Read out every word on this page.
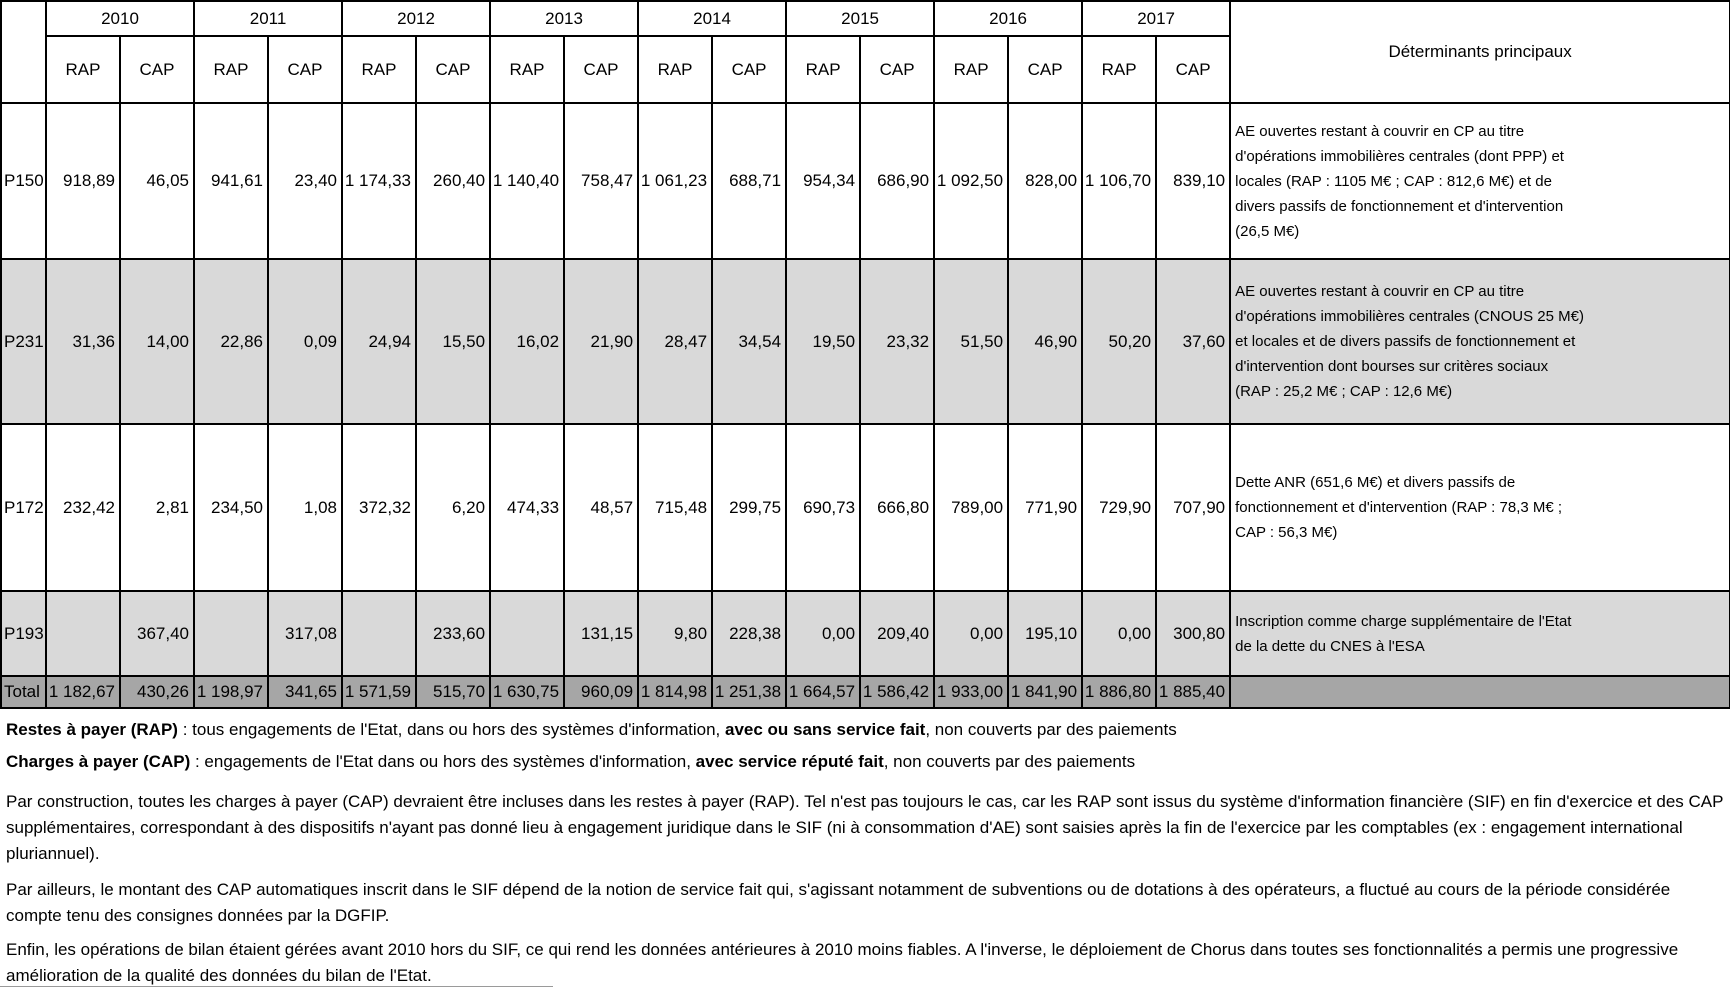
	2010		2011		2012		2013		2014		2015		2016		2017		Déterminants principaux
	RAP	CAP	RAP	CAP	RAP	CAP	RAP	CAP	RAP	CAP	RAP	CAP	RAP	CAP	RAP	CAP	
P150	918,89	46,05	941,61	23,40	1 174,33	260,40	1 140,40	758,47	1 061,23	688,71	954,34	686,90	1 092,50	828,00	1 106,70	839,10	AE ouvertes restant à couvrir en CP au titre d'opérations immobilières centrales (dont PPP) et locales (RAP : 1105 M€ ; CAP : 812,6 M€) et de divers passifs de fonctionnement et d'intervention (26,5 M€)

P231	31,36	14,00	22,86	0,09	24,94	15,50	16,02	21,90	28,47	34,54	19,50	23,32	51,50	46,90	50,20	37,60	AE ouvertes restant à couvrir en CP au titre d'opérations immobilières centrales (CNOUS 25 M€) et locales et de divers passifs de fonctionnement et d'intervention dont bourses sur critères sociaux (RAP : 25,2 M€ ; CAP : 12,6 M€)

P172	232,42	2,81	234,50	1,08	372,32	6,20	474,33	48,57	715,48	299,75	690,73	666,80	789,00	771,90	729,90	707,90	Dette ANR (651,6 M€) et divers passifs de fonctionnement et d'intervention (RAP : 78,3 M€ ; CAP : 56,3 M€)

P193		367,40		317,08		233,60		131,15	9,80	228,38	0,00	209,40	0,00	195,10	0,00	300,80	Inscription comme charge supplémentaire de l'Etat de la dette du CNES à l'ESA

Total	1 182,67	430,26	1 198,97	341,65	1 571,59	515,70	1 630,75	960,09	1 814,98	1 251,38	1 664,57	1 586,42	1 933,00	1 841,90	1 886,80	1 885,40	

Restes à payer (RAP) : tous engagements de l'Etat, dans ou hors des systèmes d'information, avec ou sans service fait, non couverts par des paiements

Charges à payer (CAP) : engagements de l'Etat dans ou hors des systèmes d'information, avec service réputé fait, non couverts par des paiements

Par construction, toutes les charges à payer (CAP) devraient être incluses dans les restes à payer (RAP). Tel n'est pas toujours le cas, car les RAP sont issus du système d'information financière (SIF) en fin d'exercice et des CAP supplémentaires, correspondant à des dispositifs n'ayant pas donné lieu à engagement juridique dans le SIF (ni à consommation d'AE) sont saisies après la fin de l'exercice par les comptables (ex : engagement international pluriannuel).

Par ailleurs, le montant des CAP automatiques inscrit dans le SIF dépend de la notion de service fait qui, s'agissant notamment de subventions ou de dotations à des opérateurs, a fluctué au cours de la période considérée compte tenu des consignes données par la DGFIP.

Enfin, les opérations de bilan étaient gérées avant 2010 hors du SIF, ce qui rend les données antérieures à 2010 moins fiables. A l'inverse, le déploiement de Chorus dans toutes ses fonctionnalités a permis une progressive amélioration de la qualité des données du bilan de l'Etat.
